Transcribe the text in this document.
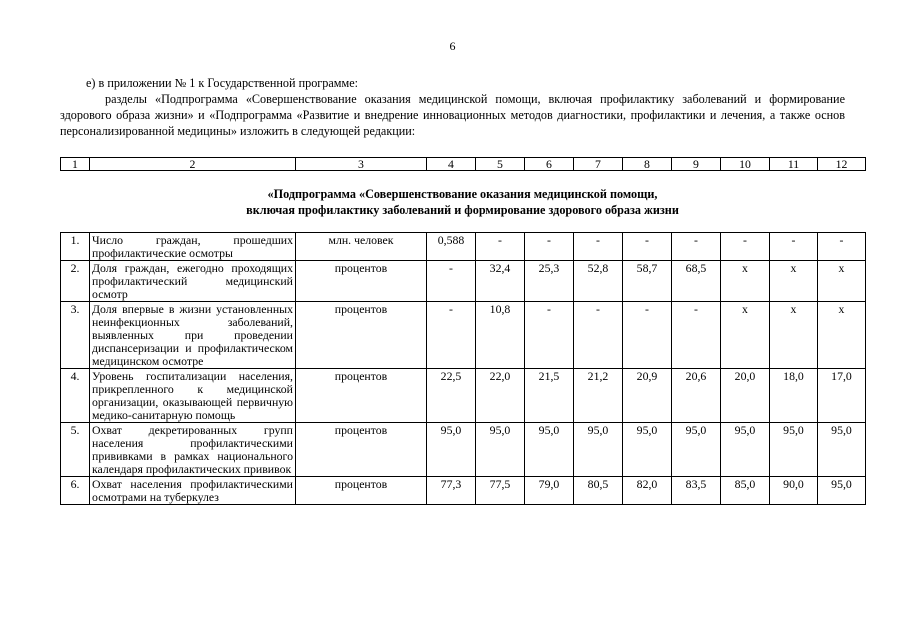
6

е) в приложении № 1 к Государственной программе:

разделы «Подпрограмма «Совершенствование оказания медицинской помощи, включая профилактику заболеваний и формирование здорового образа жизни» и «Подпрограмма «Развитие и внедрение инновационных методов диагностики, профилактики и лечения, а также основ персонализированной медицины» изложить в следующей редакции:

1	2	3	4	5	6	7	8	9	10	11	12
«Подпрограмма «Совершенствование оказания медицинской помощи,
включая профилактику заболеваний и формирование здорового образа жизни
1.	Число граждан, прошедших профилактические осмотры	млн. человек	0,588	-	-	-	-	-	-	-	-
2.	Доля граждан, ежегодно проходящих профилактический медицинский осмотр	процентов	-	32,4	25,3	52,8	58,7	68,5	х	х	х
3.	Доля впервые в жизни установленных неинфекционных заболеваний, выявленных при проведении диспансеризации и профилактическом медицинском осмотре	процентов	-	10,8	-	-	-	-	х	х	х
4.	Уровень госпитализации населения, прикрепленного к медицинской организации, оказывающей первичную медико-санитарную помощь	процентов	22,5	22,0	21,5	21,2	20,9	20,6	20,0	18,0	17,0
5.	Охват декретированных групп населения профилактическими прививками в рамках национального календаря профилактических прививок	процентов	95,0	95,0	95,0	95,0	95,0	95,0	95,0	95,0	95,0
6.	Охват населения профилактическими осмотрами на туберкулез	процентов	77,3	77,5	79,0	80,5	82,0	83,5	85,0	90,0	95,0
